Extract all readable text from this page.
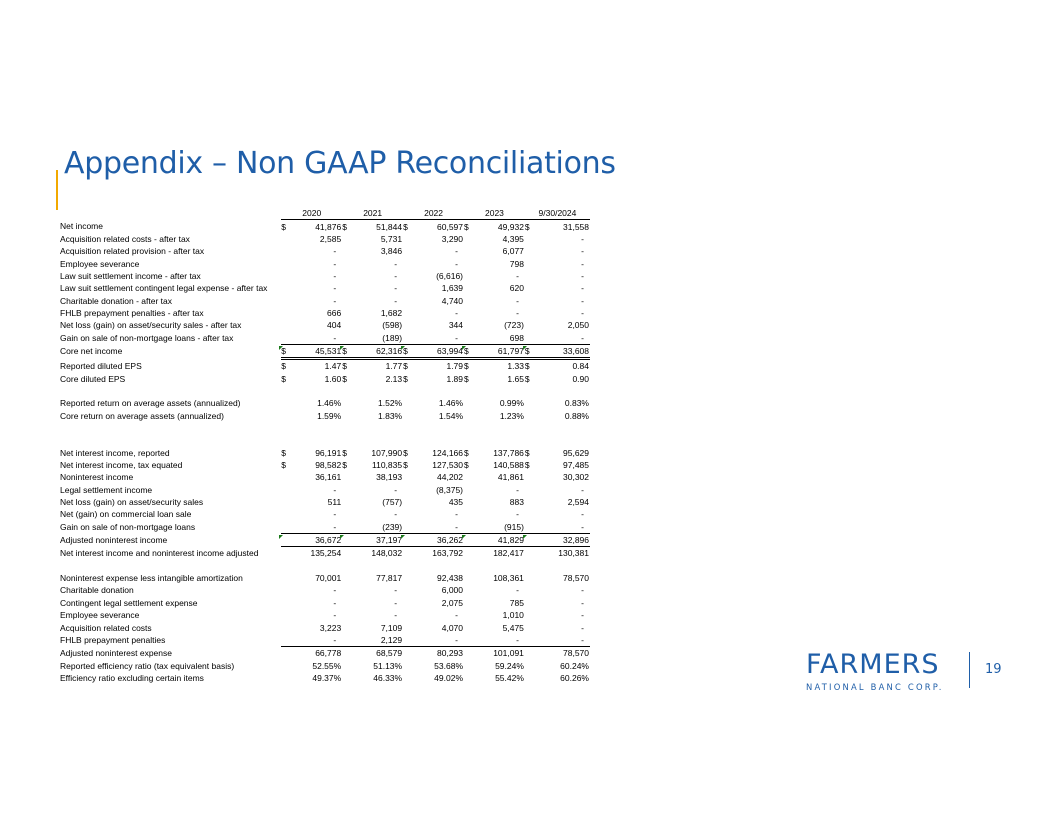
Appendix – Non GAAP Reconciliations
	2020		2021		2022		2023		9/30/2024	
Net income	$	41,876	$	51,844	$	60,597	$	49,932	$	31,558
Acquisition related costs - after tax		2,585		5,731		3,290		4,395		-
Acquisition related provision - after tax		-		3,846		-		6,077		-
Employee severance		-		-		-		798		-
Law suit settlement income - after tax		-		-		(6,616)		-		-
Law suit settlement contingent legal expense - after tax		-		-		1,639		620		-
Charitable donation - after tax		-		-		4,740		-		-
FHLB prepayment penalties - after tax		666		1,682		-		-		-
Net loss (gain) on asset/security sales - after tax		404		(598)		344		(723)		2,050
Gain on sale of non-mortgage loans - after tax		-		(189)		-		698		-
Core net income	$	45,531	$	62,316	$	63,994	$	61,797	$	33,608
Reported diluted EPS	$	1.47	$	1.77	$	1.79	$	1.33	$	0.84
Core diluted EPS	$	1.60	$	2.13	$	1.89	$	1.65	$	0.90

Reported return on average assets (annualized)		1.46%		1.52%		1.46%		0.99%		0.83%
Core return on average assets (annualized)		1.59%		1.83%		1.54%		1.23%		0.88%

Net interest income, reported	$	96,191	$	107,990	$	124,166	$	137,786	$	95,629
Net interest income, tax equated	$	98,582	$	110,835	$	127,530	$	140,588	$	97,485
Noninterest income		36,161		38,193		44,202		41,861		30,302
Legal settlement income		-		-		(8,375)		-		-
Net loss (gain) on asset/security sales		511		(757)		435		883		2,594
Net (gain) on commercial loan sale		-		-		-		-		-
Gain on sale of non-mortgage loans		-		(239)		-		(915)		-
Adjusted noninterest income		36,672		37,197		36,262		41,829		32,896
Net interest income and noninterest income adjusted		135,254		148,032		163,792		182,417		130,381

Noninterest expense less intangible amortization		70,001		77,817		92,438		108,361		78,570
Charitable donation		-		-		6,000		-		-
Contingent legal settlement expense		-		-		2,075		785		-
Employee severance		-		-		-		1,010		-
Acquisition related costs		3,223		7,109		4,070		5,475		-
FHLB prepayment penalties		-		2,129		-		-		-
Adjusted noninterest expense		66,778		68,579		80,293		101,091		78,570
Reported efficiency ratio (tax equivalent basis)		52.55%		51.13%		53.68%		59.24%		60.24%
Efficiency ratio excluding certain items		49.37%		46.33%		49.02%		55.42%		60.26%	FARMERS
NATIONAL BANC CORP.
19
